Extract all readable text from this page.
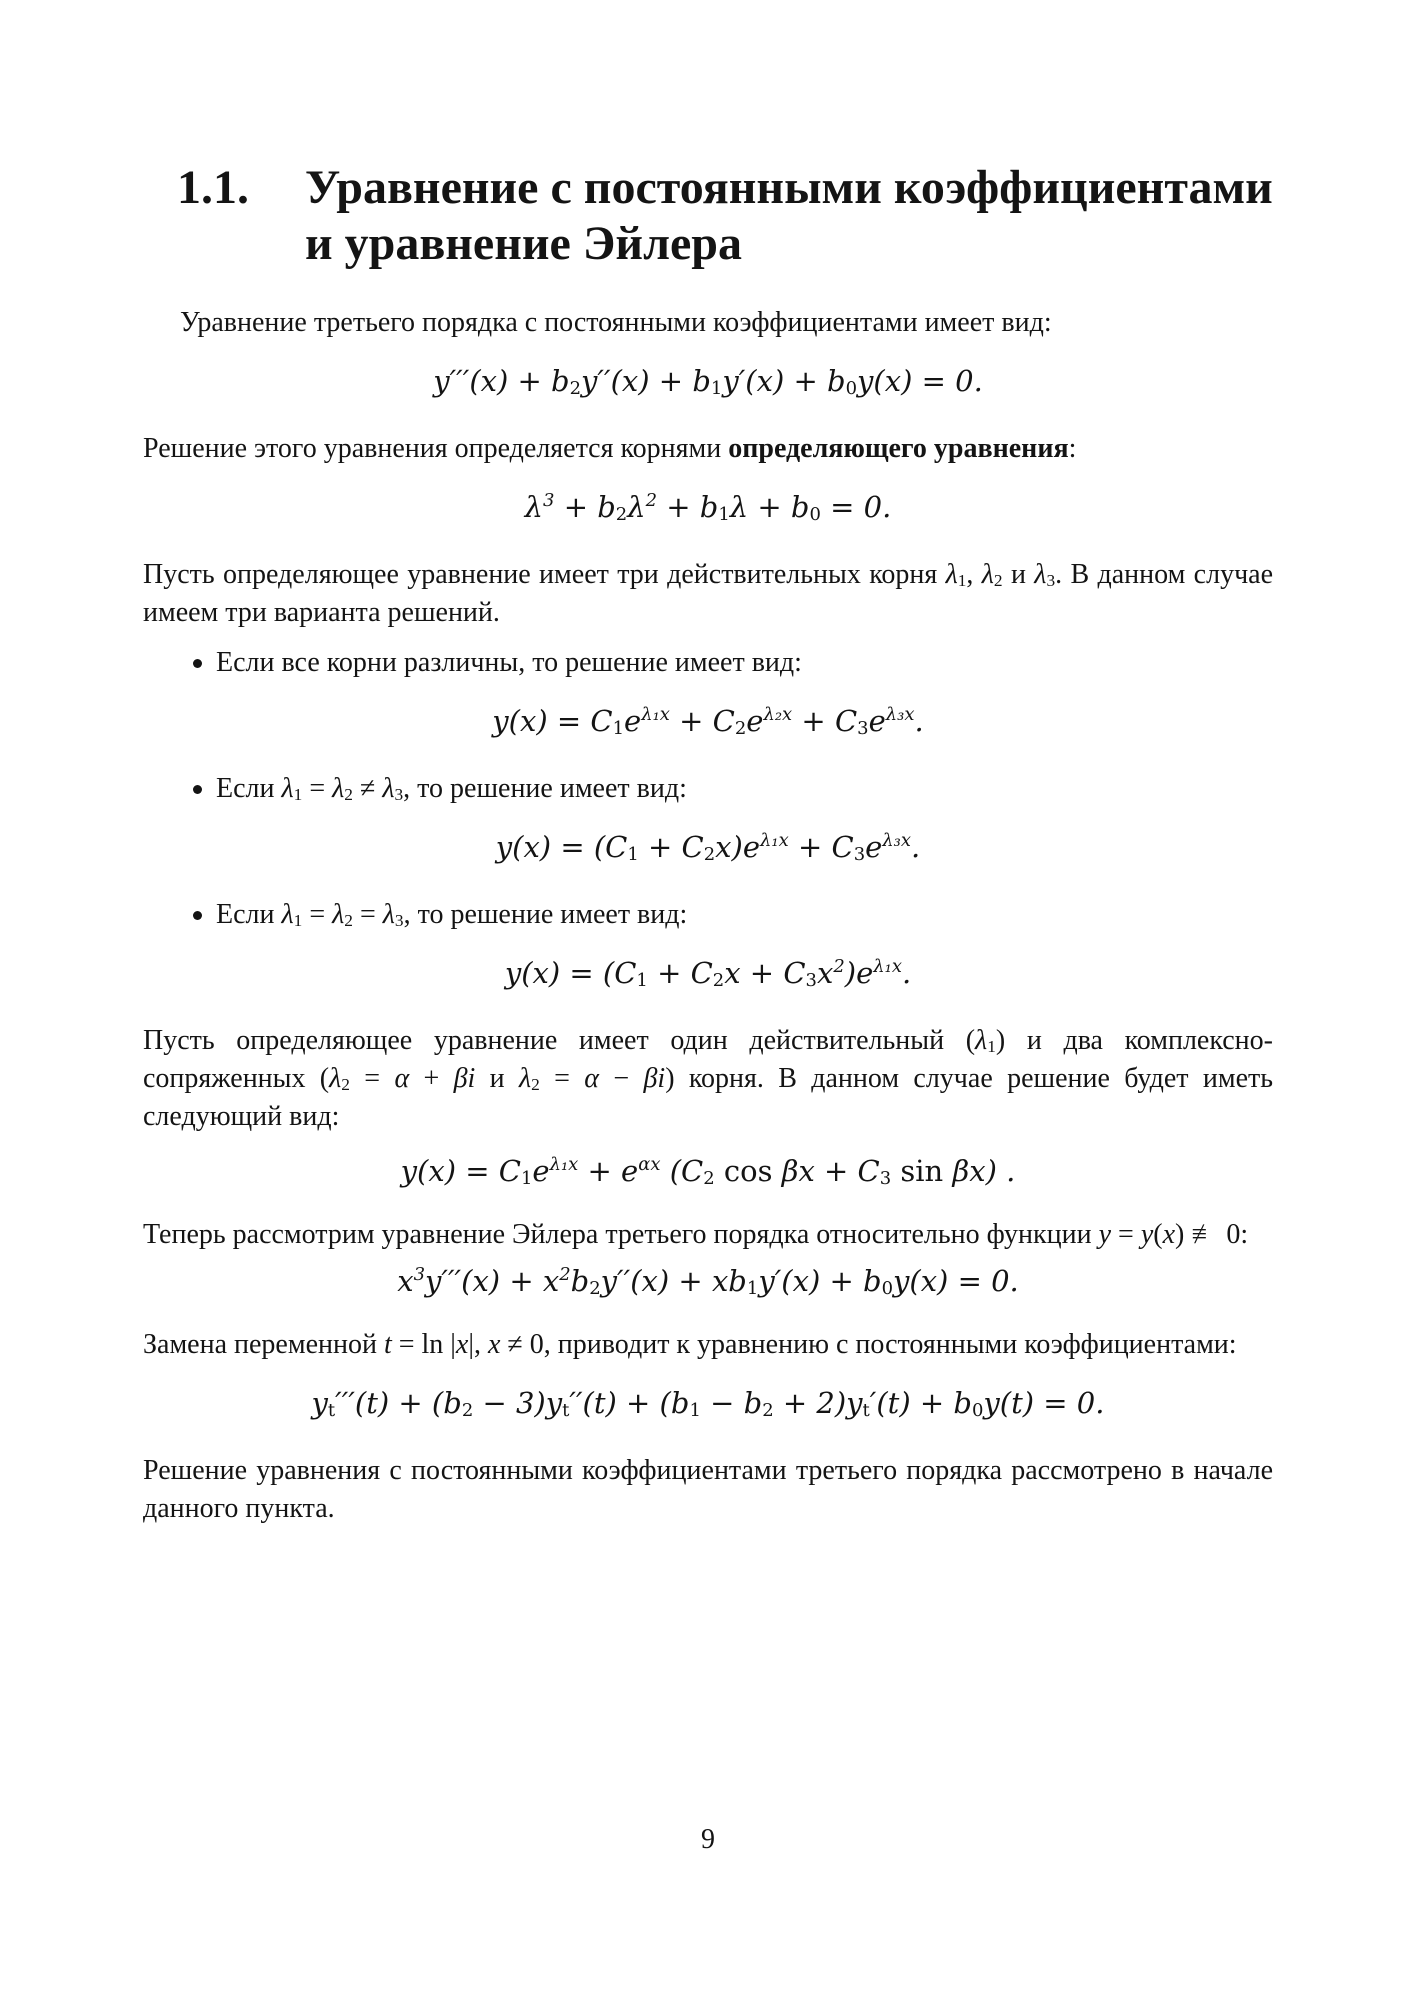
1.1. Уравнение с постоянными коэффициентами
и уравнение Эйлера

Уравнение третьего порядка с постоянными коэффициентами имеет вид:

y′′′(x) + b2y′′(x) + b1y′(x) + b0y(x) = 0.

Решение этого уравнения определяется корнями определяющего уравнения:

$\lambda^3 + b2\lambda^2 + b1\lambda + b0 = 0$.

Пусть определяющее уравнение имеет три действительных корня λ1, λ2 и λ3. В данном случае имеем три варианта решений.

Если все корни различны, то решение имеет вид:
$y(x) = C1e^{\lambda_1x} + C2e^{\lambda_2x} + C3e^{\lambda_3x}$.
Если λ1 = λ2 ≠ λ3, то решение имеет вид:
$y(x) = (C1 + C2x)e^{\lambda_1x} + C3e^{\lambda_3x}$.
Если λ1 = λ2 = λ3, то решение имеет вид:
$y(x) = (C1 + C2x + C3x^2)e^{\lambda_1x}$.

Пусть определяющее уравнение имеет один действительный (λ1) и два комплексно-сопряженных (λ2 = α + βi и λ2 = α − βi) корня. В данном случае решение будет иметь следующий вид:

$y(x) = C1e^{\lambda_1x} + e^{\alpha x}$ (C2 cos βx + C3 sin βx) .

Теперь рассмотрим уравнение Эйлера третьего порядка относительно функции y = y(x) ≢ 0:

$x^3y'''(x) + x^2b2y''(x) + xb1y'(x) + b0y(x) = 0$.

Замена переменной t = ln |x|, x ≠ 0, приводит к уравнению с постоянными коэффициентами:

yt′′′(t) + (b2 − 3)yt′′(t) + (b1 − b2 + 2)yt′(t) + b0y(t) = 0.

Решение уравнения с постоянными коэффициентами третьего порядка рассмотрено в начале данного пункта.

9
